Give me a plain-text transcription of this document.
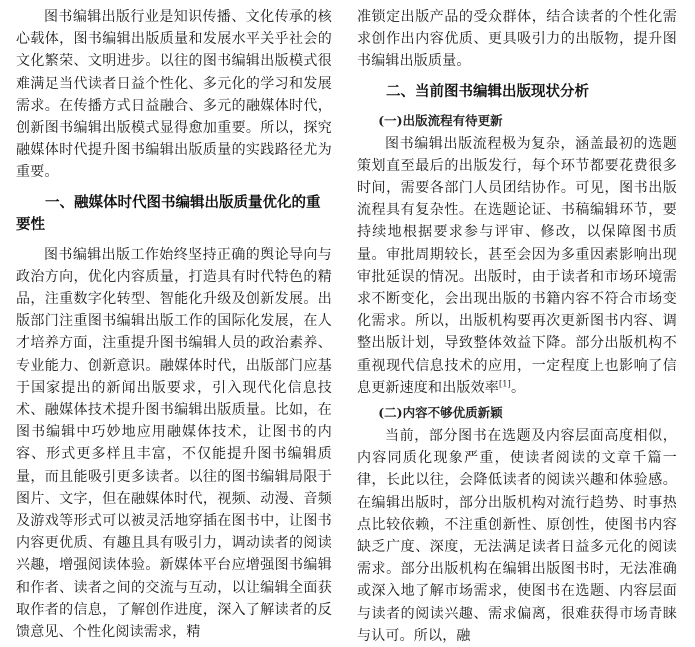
图书编辑出版行业是知识传播、文化传承的核心载体，图书编辑出版质量和发展水平关乎社会的文化繁荣、文明进步。以往的图书编辑出版模式很难满足当代读者日益个性化、多元化的学习和发展需求。在传播方式日益融合、多元的融媒体时代，创新图书编辑出版模式显得愈加重要。所以，探究融媒体时代提升图书编辑出版质量的实践路径尤为重要。

一、融媒体时代图书编辑出版质量优化的重要性

图书编辑出版工作始终坚持正确的舆论导向与政治方向，优化内容质量，打造具有时代特色的精品，注重数字化转型、智能化升级及创新发展。出版部门注重图书编辑出版工作的国际化发展，在人才培养方面，注重提升图书编辑人员的政治素养、专业能力、创新意识。融媒体时代，出版部门应基于国家提出的新闻出版要求，引入现代化信息技术、融媒体技术提升图书编辑出版质量。比如，在图书编辑中巧妙地应用融媒体技术，让图书的内容、形式更多样且丰富，不仅能提升图书编辑质量，而且能吸引更多读者。以往的图书编辑局限于图片、文字，但在融媒体时代，视频、动漫、音频及游戏等形式可以被灵活地穿插在图书中，让图书内容更优质、有趣且具有吸引力，调动读者的阅读兴趣，增强阅读体验。新媒体平台应增强图书编辑和作者、读者之间的交流与互动，以让编辑全面获取作者的信息，了解创作进度，深入了解读者的反馈意见、个性化阅读需求，精

准锁定出版产品的受众群体，结合读者的个性化需求创作出内容优质、更具吸引力的出版物，提升图书编辑出版质量。

二、当前图书编辑出版现状分析
(一)出版流程有待更新

图书编辑出版流程极为复杂，涵盖最初的选题策划直至最后的出版发行，每个环节都要花费很多时间，需要各部门人员团结协作。可见，图书出版流程具有复杂性。在选题论证、书稿编辑环节，要持续地根据要求参与评审、修改，以保障图书质量。审批周期较长，甚至会因为多重因素影响出现审批延误的情况。出版时，由于读者和市场环境需求不断变化，会出现出版的书籍内容不符合市场变化需求。所以，出版机构要再次更新图书内容、调整出版计划，导致整体效益下降。部分出版机构不重视现代信息技术的应用，一定程度上也影响了信息更新速度和出版效率[1]。

(二)内容不够优质新颖

当前，部分图书在选题及内容层面高度相似，内容同质化现象严重，使读者阅读的文章千篇一律，长此以往，会降低读者的阅读兴趣和体验感。在编辑出版时，部分出版机构对流行趋势、时事热点比较依赖，不注重创新性、原创性，使图书内容缺乏广度、深度，无法满足读者日益多元化的阅读需求。部分出版机构在编辑出版图书时，无法准确或深入地了解市场需求，使图书在选题、内容层面与读者的阅读兴趣、需求偏离，很难获得市场青睐与认可。所以，融
